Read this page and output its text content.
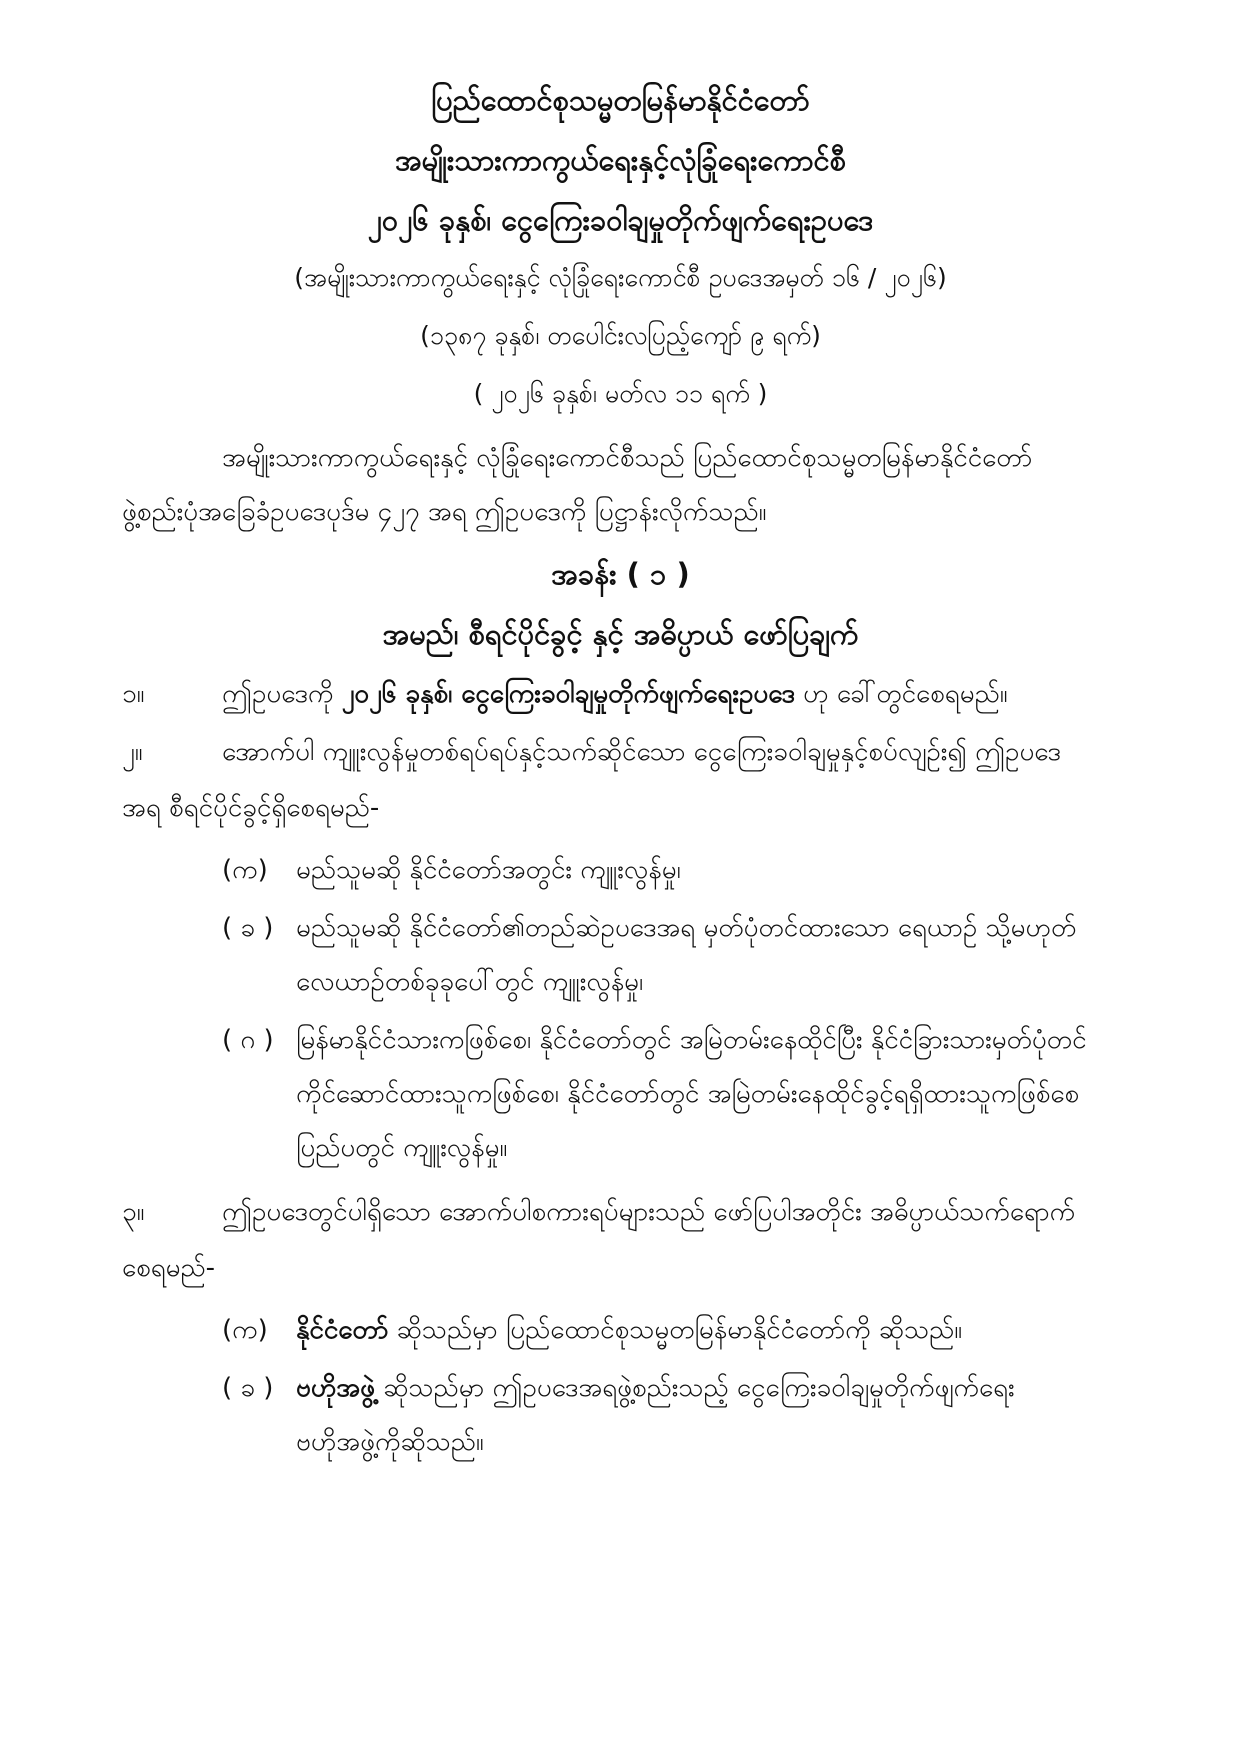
ပြည်ထောင်စုသမ္မတမြန်မာနိုင်ငံတော်
အမျိုးသားကာကွယ်ရေးနှင့်လုံခြုံရေးကောင်စီ
၂၀၂၆ ခုနှစ်၊ ငွေကြေးခဝါချမှုတိုက်ဖျက်ရေးဥပဒေ
(အမျိုးသားကာကွယ်ရေးနှင့် လုံခြုံရေးကောင်စီ ဥပဒေအမှတ် ၁၆ / ၂၀၂၆)
(၁၃၈၇ ခုနှစ်၊ တပေါင်းလပြည့်ကျော် ၉ ရက်)
( ၂၀၂၆ ခုနှစ်၊ မတ်လ ၁၁ ရက် )
အမျိုးသားကာကွယ်ရေးနှင့် လုံခြုံရေးကောင်စီသည် ပြည်ထောင်စုသမ္မတမြန်မာနိုင်ငံတော်
ဖွဲ့စည်းပုံအခြေခံဥပဒေပုဒ်မ ၄၂၇ အရ ဤဥပဒေကို ပြဋ္ဌာန်းလိုက်သည်။
အခန်း ( ၁ )
အမည်၊ စီရင်ပိုင်ခွင့် နှင့် အဓိပ္ပာယ် ဖော်ပြချက်
၁။	ဤဥပဒေကို ၂၀၂၆ ခုနှစ်၊ ငွေကြေးခဝါချမှုတိုက်ဖျက်ရေးဥပဒေ ဟု ခေါ်တွင်စေရမည်။
၂။	အောက်ပါ ကျူးလွန်မှုတစ်ရပ်ရပ်နှင့်သက်ဆိုင်သော ငွေကြေးခဝါချမှုနှင့်စပ်လျဉ်း၍ ဤဥပဒေ
အရ စီရင်ပိုင်ခွင့်ရှိစေရမည်-
(က) မည်သူမဆို နိုင်ငံတော်အတွင်း ကျူးလွန်မှု၊
( ခ ) မည်သူမဆို နိုင်ငံတော်၏တည်ဆဲဥပဒေအရ မှတ်ပုံတင်ထားသော ရေယာဉ် သို့မဟုတ်
လေယာဉ်တစ်ခုခုပေါ်တွင် ကျူးလွန်မှု၊
( ဂ ) မြန်မာနိုင်ငံသားကဖြစ်စေ၊ နိုင်ငံတော်တွင် အမြဲတမ်းနေထိုင်ပြီး နိုင်ငံခြားသားမှတ်ပုံတင်
ကိုင်ဆောင်ထားသူကဖြစ်စေ၊ နိုင်ငံတော်တွင် အမြဲတမ်းနေထိုင်ခွင့်ရရှိထားသူကဖြစ်စေ
ပြည်ပတွင် ကျူးလွန်မှု။
၃။	ဤဥပဒေတွင်ပါရှိသော အောက်ပါစကားရပ်များသည် ဖော်ပြပါအတိုင်း အဓိပ္ပာယ်သက်ရောက်
စေရမည်-
(က) နိုင်ငံတော် ဆိုသည်မှာ ပြည်ထောင်စုသမ္မတမြန်မာနိုင်ငံတော်ကို ဆိုသည်။
( ခ ) ဗဟိုအဖွဲ့ ဆိုသည်မှာ ဤဥပဒေအရဖွဲ့စည်းသည့် ငွေကြေးခဝါချမှုတိုက်ဖျက်ရေး
ဗဟိုအဖွဲ့ကိုဆိုသည်။
